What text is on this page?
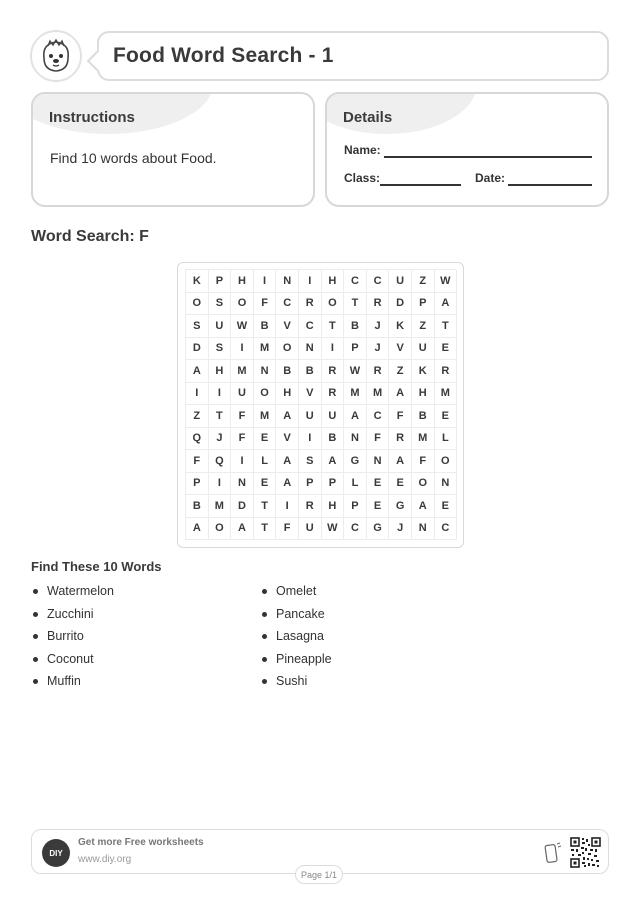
Food Word Search - 1
Instructions
Find 10 words about Food.
Details
Name:
Class:	Date:
Word Search: F
K	P	H	I	N	I	H	C	C	U	Z	W
O	S	O	F	C	R	O	T	R	D	P	A
S	U	W	B	V	C	T	B	J	K	Z	T
D	S	I	M	O	N	I	P	J	V	U	E
A	H	M	N	B	B	R	W	R	Z	K	R
I	I	U	O	H	V	R	M	M	A	H	M
Z	T	F	M	A	U	U	A	C	F	B	E
Q	J	F	E	V	I	B	N	F	R	M	L
F	Q	I	L	A	S	A	G	N	A	F	O
P	I	N	E	A	P	P	L	E	E	O	N
B	M	D	T	I	R	H	P	E	G	A	E
A	O	A	T	F	U	W	C	G	J	N	C
Find These 10 Words
Watermelon
Zucchini
Burrito
Coconut
Muffin
Omelet
Pancake
Lasagna
Pineapple
Sushi
DIY
Get more Free worksheets
www.diy.org
Page 1/1
